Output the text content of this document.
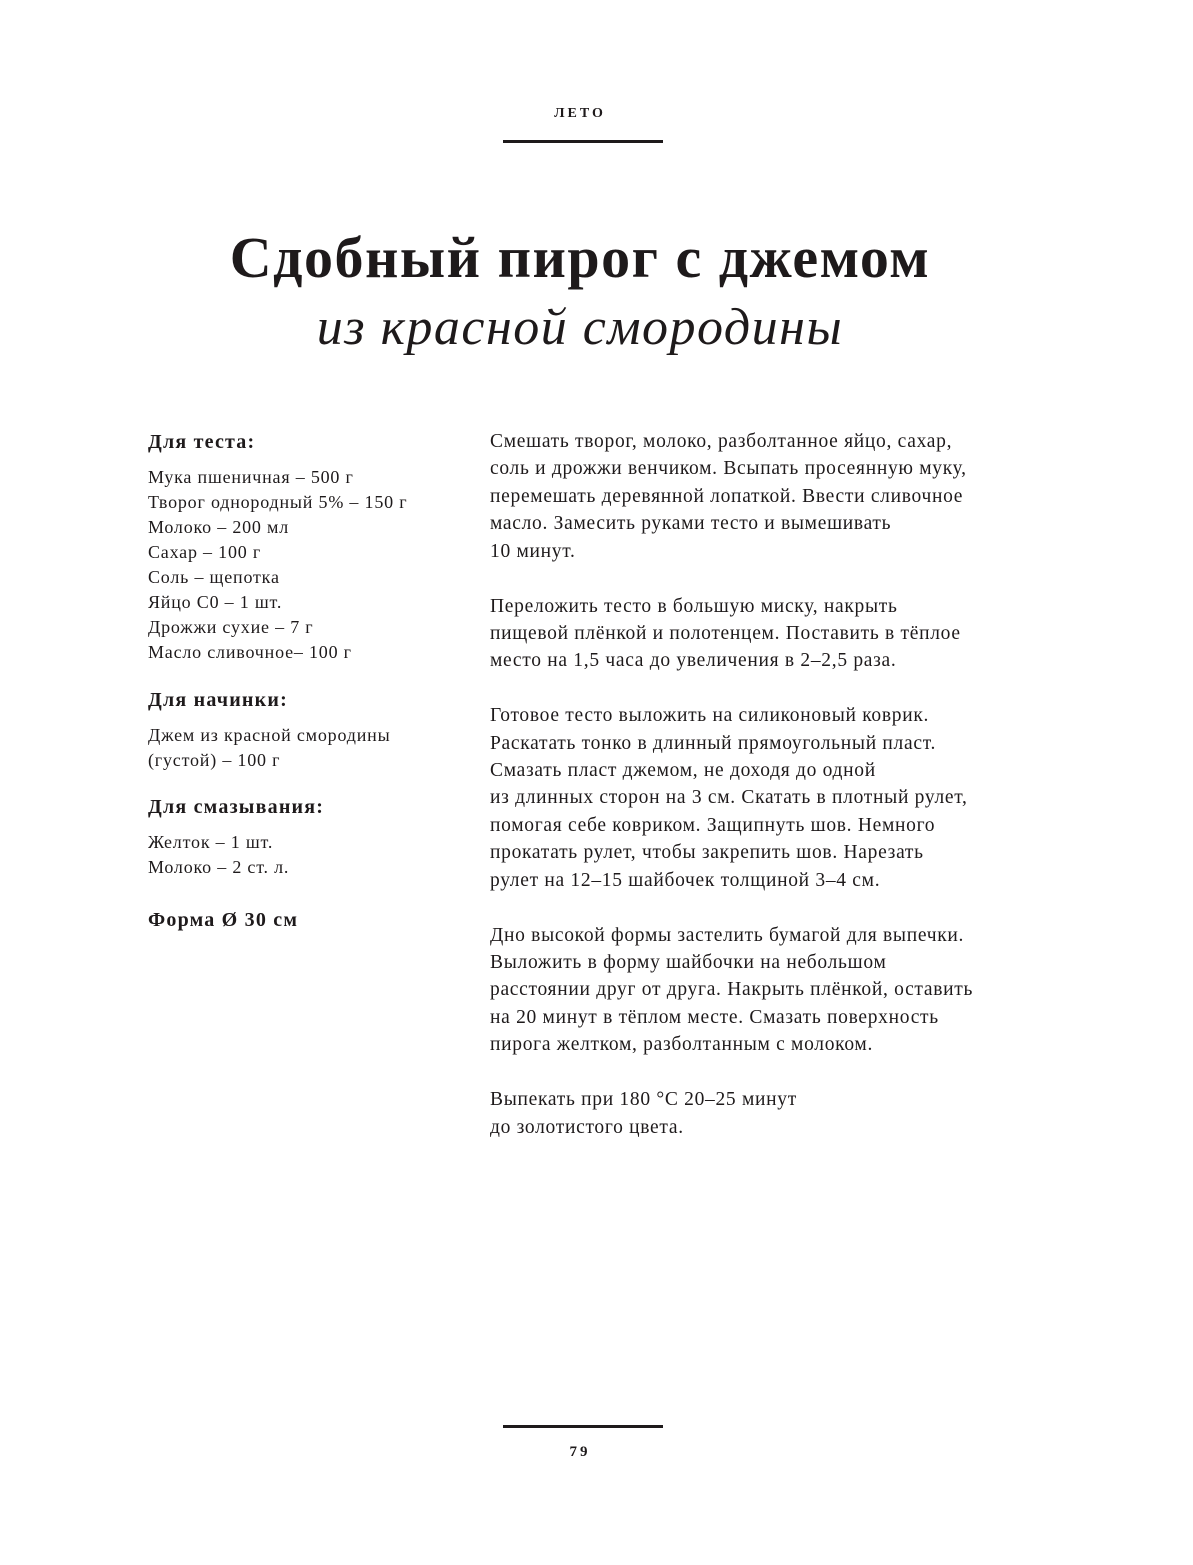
ЛЕТО
Сдобный пирог с джемом
из красной смородины
Для теста:
Мука пшеничная – 500 г
Творог однородный 5% – 150 г
Молоко – 200 мл
Сахар – 100 г
Соль – щепотка
Яйцо С0 – 1 шт.
Дрожжи сухие – 7 г
Масло сливочное– 100 г
Для начинки:
Джем из красной смородины
(густой) – 100 г
Для смазывания:
Желток – 1 шт.
Молоко – 2 ст. л.
Форма Ø 30 см

Смешать творог, молоко, разболтанное яйцо, сахар,
соль и дрожжи венчиком. Всыпать просеянную муку,
перемешать деревянной лопаткой. Ввести сливочное
масло. Замесить руками тесто и вымешивать
10 минут.

Переложить тесто в большую миску, накрыть
пищевой плёнкой и полотенцем. Поставить в тёплое
место на 1,5 часа до увеличения в 2–2,5 раза.

Готовое тесто выложить на силиконовый коврик.
Раскатать тонко в длинный прямоугольный пласт.
Смазать пласт джемом, не доходя до одной
из длинных сторон на 3 см. Скатать в плотный рулет,
помогая себе ковриком. Защипнуть шов. Немного
прокатать рулет, чтобы закрепить шов. Нарезать
рулет на 12–15 шайбочек толщиной 3–4 см.

Дно высокой формы застелить бумагой для выпечки.
Выложить в форму шайбочки на небольшом
расстоянии друг от друга. Накрыть плёнкой, оставить
на 20 минут в тёплом месте. Смазать поверхность
пирога желтком, разболтанным с молоком.

Выпекать при 180 °С 20–25 минут
до золотистого цвета.

79
